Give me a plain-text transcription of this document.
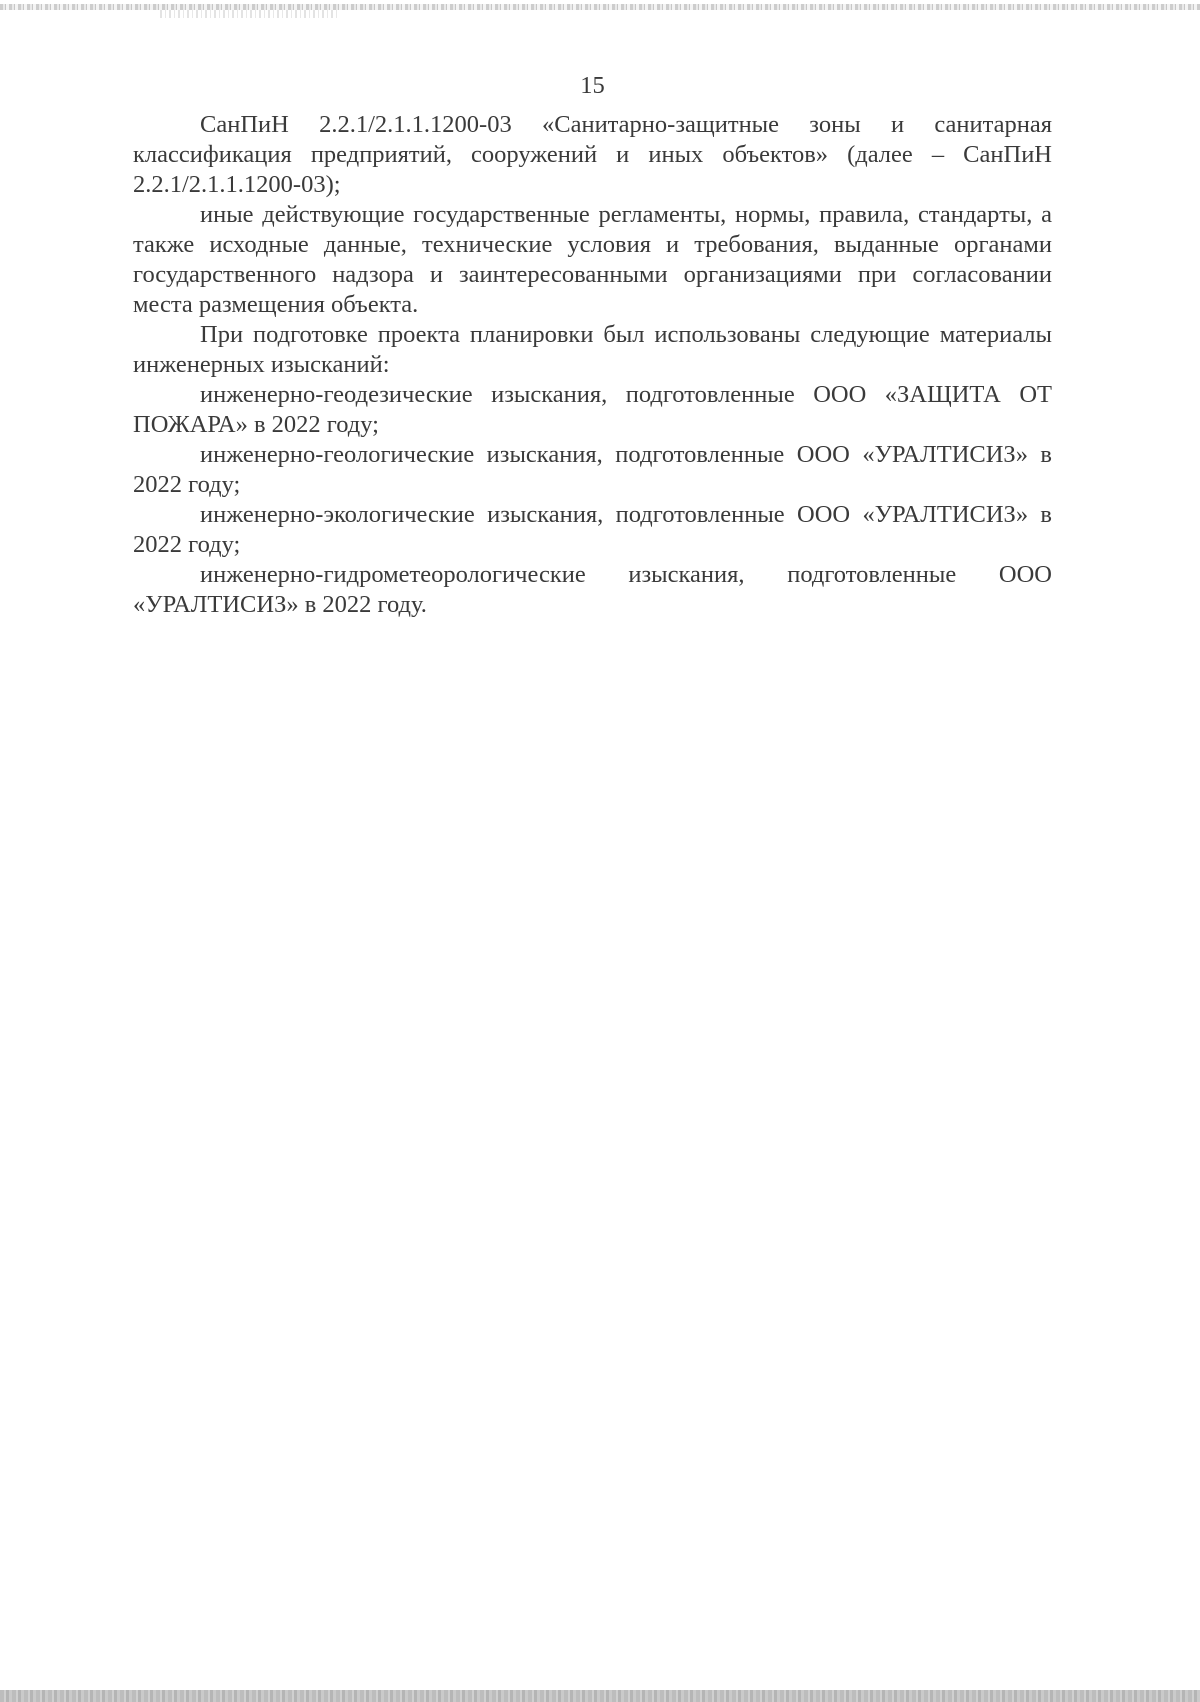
15

СанПиН 2.2.1/2.1.1.1200-03 «Санитарно-защитные зоны и санитарная классификация предприятий, сооружений и иных объектов» (далее – СанПиН 2.2.1/2.1.1.1200-03);

иные действующие государственные регламенты, нормы, правила, стандарты, а также исходные данные, технические условия и требования, выданные органами государственного надзора и заинтересованными организациями при согласовании места размещения объекта.

При подготовке проекта планировки был использованы следующие материалы инженерных изысканий:

инженерно-геодезические изыскания, подготовленные ООО «ЗАЩИТА ОТ ПОЖАРА» в 2022 году;

инженерно-геологические изыскания, подготовленные ООО «УРАЛТИСИЗ» в 2022 году;

инженерно-экологические изыскания, подготовленные ООО «УРАЛТИСИЗ» в 2022 году;

инженерно-гидрометеорологические изыскания, подготовленные ООО «УРАЛТИСИЗ» в 2022 году.
